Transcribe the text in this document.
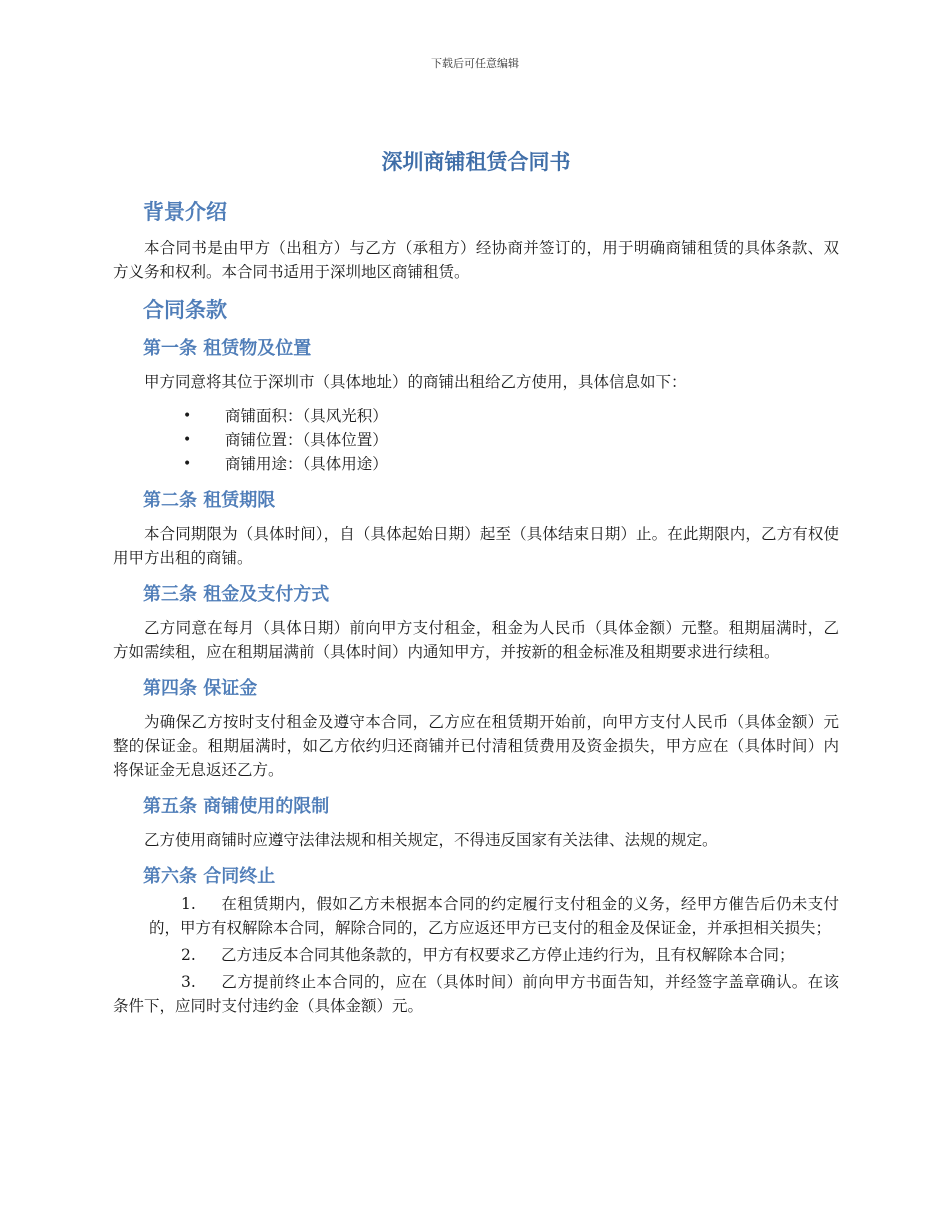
下载后可任意编辑
深圳商铺租赁合同书
背景介绍

本合同书是由甲方（出租方）与乙方（承租方）经协商并签订的，用于明确商铺租赁的具体条款、双方义务和权利。本合同书适用于深圳地区商铺租赁。

合同条款
第一条 租赁物及位置

甲方同意将其位于深圳市（具体地址）的商铺出租给乙方使用，具体信息如下：

• 商铺面积：（具风光积）
• 商铺位置：（具体位置）
• 商铺用途：（具体用途）
第二条 租赁期限

本合同期限为（具体时间），自（具体起始日期）起至（具体结束日期）止。在此期限内，乙方有权使用甲方出租的商铺。

第三条 租金及支付方式

乙方同意在每月（具体日期）前向甲方支付租金，租金为人民币（具体金额）元整。租期届满时，乙方如需续租，应在租期届满前（具体时间）内通知甲方，并按新的租金标准及租期要求进行续租。

第四条 保证金

为确保乙方按时支付租金及遵守本合同，乙方应在租赁期开始前，向甲方支付人民币（具体金额）元整的保证金。租期届满时，如乙方依约归还商铺并已付清租赁费用及资金损失，甲方应在（具体时间）内将保证金无息返还乙方。

第五条 商铺使用的限制

乙方使用商铺时应遵守法律法规和相关规定，不得违反国家有关法律、法规的规定。

第六条 合同终止
1. 在租赁期内，假如乙方未根据本合同的约定履行支付租金的义务，经甲方催告后仍未支付的，甲方有权解除本合同，解除合同的，乙方应返还甲方已支付的租金及保证金，并承担相关损失；
2. 乙方违反本合同其他条款的，甲方有权要求乙方停止违约行为，且有权解除本合同；
3. 乙方提前终止本合同的，应在（具体时间）前向甲方书面告知，并经签字盖章确认。在该条件下，应同时支付违约金（具体金额）元。
